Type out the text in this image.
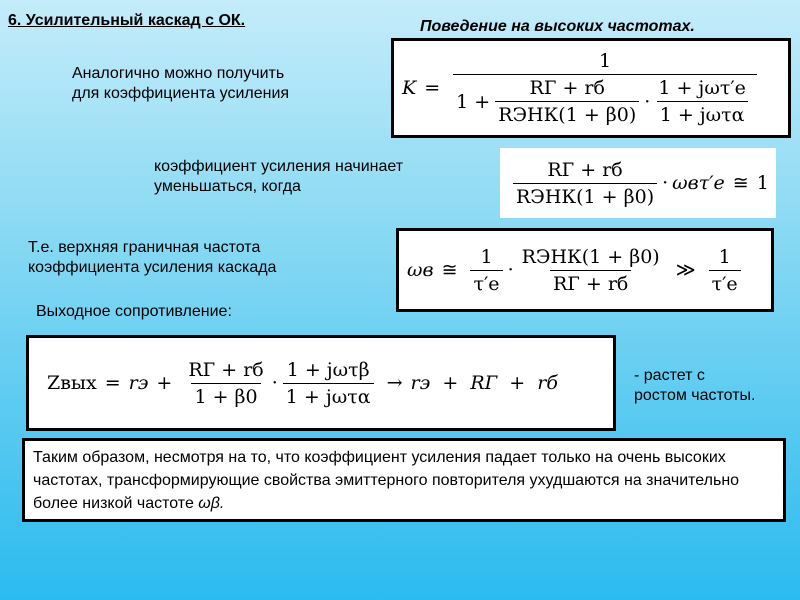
6. Усилительный каскад с ОК.	Поведение на высоких частотах.
Аналогично можно получить
для коэффициента усиления
коэффициент усиления начинает
уменьшаться, когда
Т.е. верхняя граничная частота
коэффициента усиления каскада
Выходное сопротивление:
- растет с
ростом частоты.
K =
1
$1 + \frac{RГ + rб}{\text{RЭНК(1 + β0)}} \cdot \frac{\text{1 + jωτ′e}}{\text{1 + jωτα}}$
$\frac{RГ + rб}{\text{RЭНК(1 + β0)}} \cdot \omega в\tau'e$ ≅ 1
ωв ≅ $\frac{1}{\tau'e} \cdot \frac{\text{RЭНК(1 + β0)}}{RГ + rб}$ ≫ $\frac{1}{\tau'e}$
Zвых = rэ + $\frac{RГ + rб}{1 + \beta 0} \cdot \frac{\text{1 + jωτβ}}{\text{1 + jωτα}}$ → rэ  +  RГ  +  rб
Таким образом, несмотря на то, что коэффициент усиления падает только на очень высоких частотах, трансформирующие свойства эмиттерного повторителя ухудшаются на значительно более низкой частоте ωβ.
